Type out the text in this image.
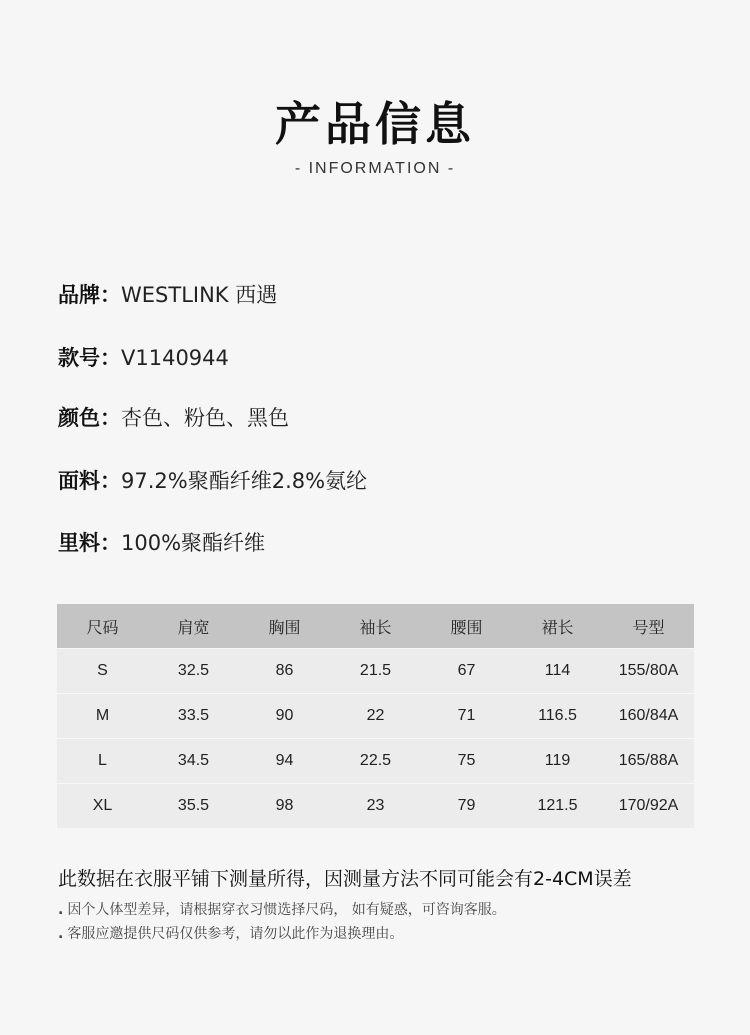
产品信息
- INFORMATION -
品牌：WESTLINK 西遇
款号：V1140944
颜色：杏色、粉色、黑色
面料：97.2%聚酯纤维2.8%氨纶
里料：100%聚酯纤维
尺码	肩宽	胸围	袖长	腰围	裙长	号型
S	32.5	86	21.5	67	114	155/80A
M	33.5	90	22	71	116.5	160/84A
L	34.5	94	22.5	75	119	165/88A
XL	35.5	98	23	79	121.5	170/92A
此数据在衣服平铺下测量所得，因测量方法不同可能会有2-4CM误差
. 因个人体型差异，请根据穿衣习惯选择尺码， 如有疑惑，可咨询客服。
. 客服应邀提供尺码仅供参考，请勿以此作为退换理由。
